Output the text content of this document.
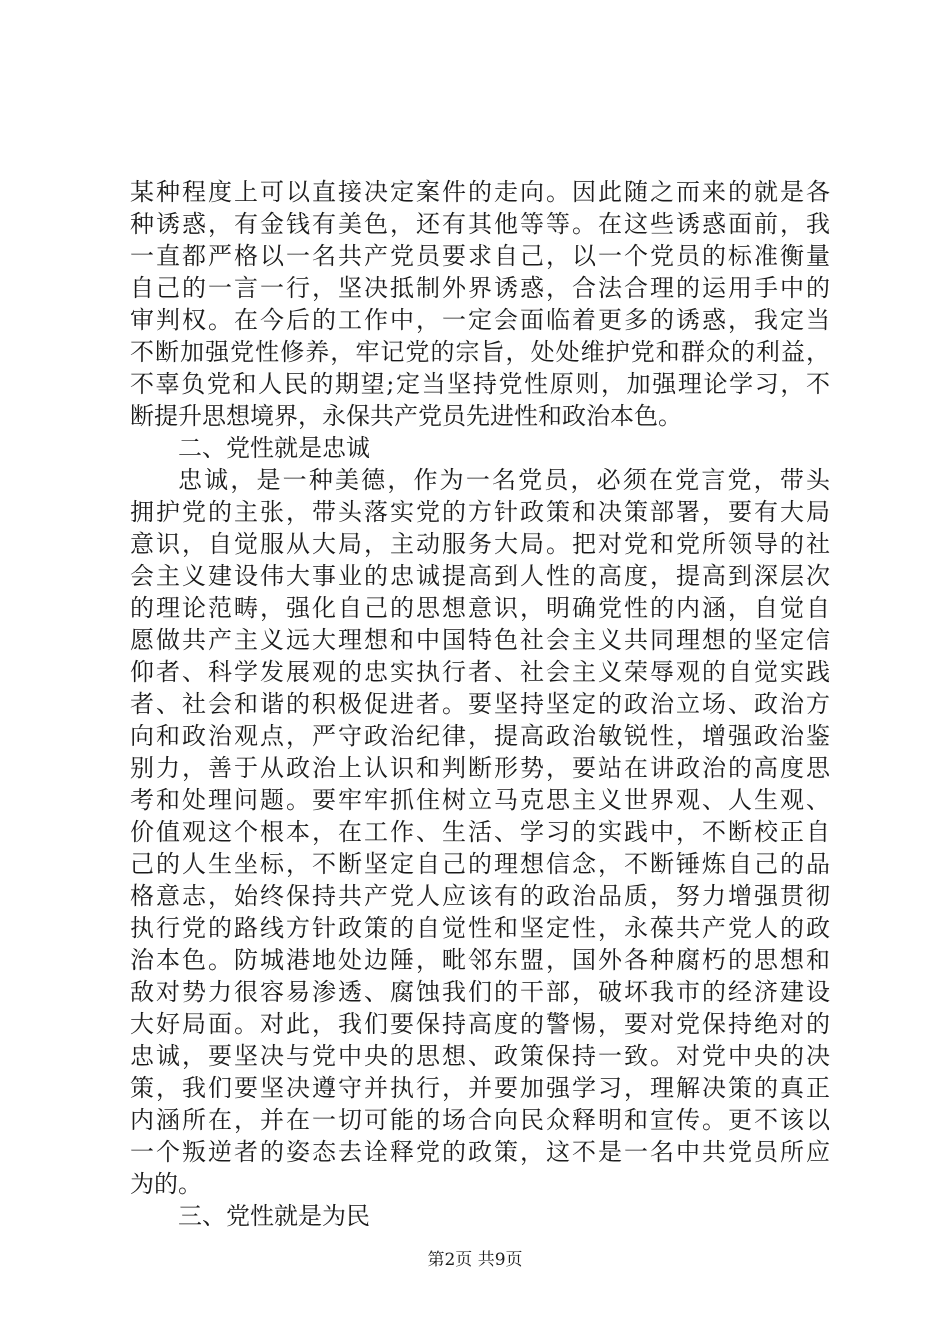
某种程度上可以直接决定案件的走向。因此随之而来的就是各
种诱惑，有金钱有美色，还有其他等等。在这些诱惑面前，我
一直都严格以一名共产党员要求自己，以一个党员的标准衡量
自己的一言一行，坚决抵制外界诱惑，合法合理的运用手中的
审判权。在今后的工作中，一定会面临着更多的诱惑，我定当
不断加强党性修养，牢记党的宗旨，处处维护党和群众的利益，
不辜负党和人民的期望;定当坚持党性原则，加强理论学习，不
断提升思想境界，永保共产党员先进性和政治本色。
二、党性就是忠诚
忠诚，是一种美德，作为一名党员，必须在党言党，带头
拥护党的主张，带头落实党的方针政策和决策部署，要有大局
意识，自觉服从大局，主动服务大局。把对党和党所领导的社
会主义建设伟大事业的忠诚提高到人性的高度，提高到深层次
的理论范畴，强化自己的思想意识，明确党性的内涵，自觉自
愿做共产主义远大理想和中国特色社会主义共同理想的坚定信
仰者、科学发展观的忠实执行者、社会主义荣辱观的自觉实践
者、社会和谐的积极促进者。要坚持坚定的政治立场、政治方
向和政治观点，严守政治纪律，提高政治敏锐性，增强政治鉴
别力，善于从政治上认识和判断形势，要站在讲政治的高度思
考和处理问题。要牢牢抓住树立马克思主义世界观、人生观、
价值观这个根本，在工作、生活、学习的实践中，不断校正自
己的人生坐标，不断坚定自己的理想信念，不断锤炼自己的品
格意志，始终保持共产党人应该有的政治品质，努力增强贯彻
执行党的路线方针政策的自觉性和坚定性，永葆共产党人的政
治本色。防城港地处边陲，毗邻东盟，国外各种腐朽的思想和
敌对势力很容易渗透、腐蚀我们的干部，破坏我市的经济建设
大好局面。对此，我们要保持高度的警惕，要对党保持绝对的
忠诚，要坚决与党中央的思想、政策保持一致。对党中央的决
策，我们要坚决遵守并执行，并要加强学习，理解决策的真正
内涵所在，并在一切可能的场合向民众释明和宣传。更不该以
一个叛逆者的姿态去诠释党的政策，这不是一名中共党员所应
为的。
三、党性就是为民
第2页 共9页
